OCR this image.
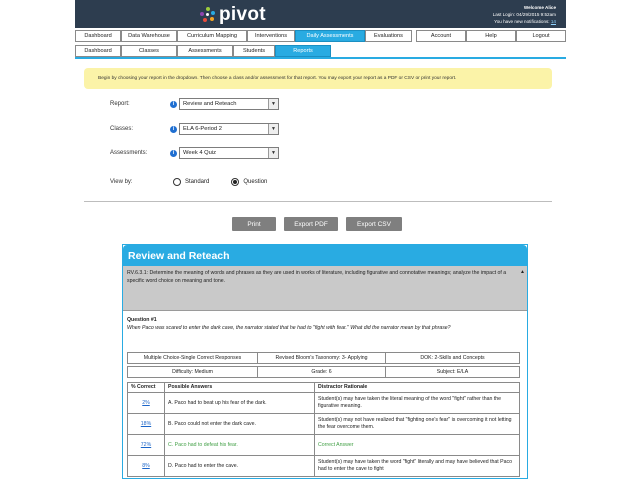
pivot	Welcome Alice
Last Login: 04/29/2015 9:52am
You have new notifications: 14
Dashboard	Data Warehouse	Curriculum Mapping	Interventions	Daily Assessments	Evaluations	Account	Help	Logout
Dashboard	Classes	Assessments	Students	Reports
Begin by choosing your report in the dropdown. Then choose a class and/or assessment for that report. You may export your report as a PDF or CSV or print your report.
Report:	i	Review and Reteach	▼
Classes:	i	ELA 6-Period 2	▼
Assessments:	i	Week 4 Quiz	▼
View by:	Standard	Question
Print	Export PDF	Export CSV
Review and Reteach
RV.6.3.1: Determine the meaning of words and phrases as they are used in works of literature, including figurative and connotative meanings; analyze the impact of a specific word choice on meaning and tone.
▲
Question #1
When Paco was scared to enter the dark cave, the narrator stated that he had to "fight with fear." What did the narrator mean by that phrase?
Multiple Choice-Single Correct Responses	Revised Bloom's Taxonomy: 3- Applying	DOK: 2-Skills and Concepts
Difficulty: Medium	Grade: 6	Subject: E/LA
% Correct	Possible Answers	Distractor Rationale
2%	A. Paco had to beat up his fear of the dark.	Student(s) may have taken the literal meaning of the word "fight" rather than the figurative meaning.
18%	B. Paco could not enter the dark cave.	Student(s) may not have realized that "fighting one's fear" is overcoming it not letting the fear overcome them.
72%	C. Paco had to defeat his fear.	Correct Answer
8%	D. Paco had to enter the cave.	Student(s) may have taken the word "fight" literally and may have believed that Paco had to enter the cave to fight
